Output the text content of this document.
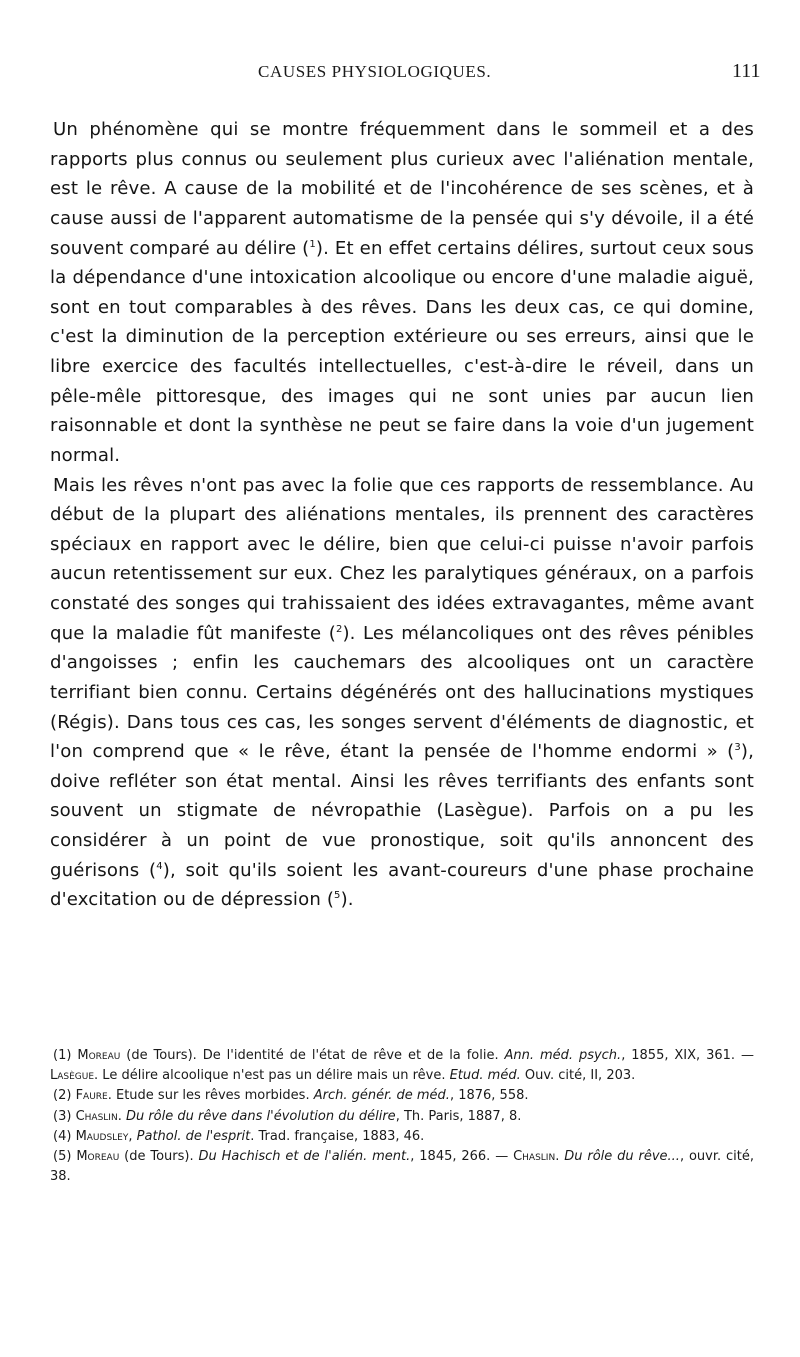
CAUSES PHYSIOLOGIQUES.	111

Un phénomène qui se montre fréquemment dans le sommeil et a des rapports plus connus ou seulement plus curieux avec l'aliénation mentale, est le rêve. A cause de la mobilité et de l'incohérence de ses scènes, et à cause aussi de l'apparent automatisme de la pensée qui s'y dévoile, il a été souvent comparé au délire ($^1$). Et en effet certains délires, surtout ceux sous la dépendance d'une intoxication alcoolique ou encore d'une maladie aiguë, sont en tout comparables à des rêves. Dans les deux cas, ce qui domine, c'est la diminution de la perception extérieure ou ses erreurs, ainsi que le libre exercice des facultés intellectuelles, c'est-à-dire le réveil, dans un pêle-mêle pittoresque, des images qui ne sont unies par aucun lien raisonnable et dont la synthèse ne peut se faire dans la voie d'un jugement normal.

Mais les rêves n'ont pas avec la folie que ces rapports de ressemblance. Au début de la plupart des aliénations mentales, ils prennent des caractères spéciaux en rapport avec le délire, bien que celui-ci puisse n'avoir parfois aucun retentissement sur eux. Chez les paralytiques généraux, on a parfois constaté des songes qui trahissaient des idées extravagantes, même avant que la maladie fût manifeste ($^2$). Les mélancoliques ont des rêves pénibles d'angoisses ; enfin les cauchemars des alcooliques ont un caractère terrifiant bien connu. Certains dégénérés ont des hallucinations mystiques (Régis). Dans tous ces cas, les songes servent d'éléments de diagnostic, et l'on comprend que « le rêve, étant la pensée de l'homme endormi » ($^3$), doive refléter son état mental. Ainsi les rêves terrifiants des enfants sont souvent un stigmate de névropathie (Lasègue). Parfois on a pu les considérer à un point de vue pronostique, soit qu'ils annoncent des guérisons ($^4$), soit qu'ils soient les avant-coureurs d'une phase prochaine d'excitation ou de dépression ($^5$).

(1) Moreau (de Tours). De l'identité de l'état de rêve et de la folie. Ann. méd. psych., 1855, XIX, 361. — Lasègue. Le délire alcoolique n'est pas un délire mais un rêve. Etud. méd. Ouv. cité, II, 203.

(2) Faure. Etude sur les rêves morbides. Arch. génér. de méd., 1876, 558.

(3) Chaslin. Du rôle du rêve dans l'évolution du délire, Th. Paris, 1887, 8.

(4) Maudsley, Pathol. de l'esprit. Trad. française, 1883, 46.

(5) Moreau (de Tours). Du Hachisch et de l'alién. ment., 1845, 266. — Chaslin. Du rôle du rêve..., ouvr. cité, 38.
